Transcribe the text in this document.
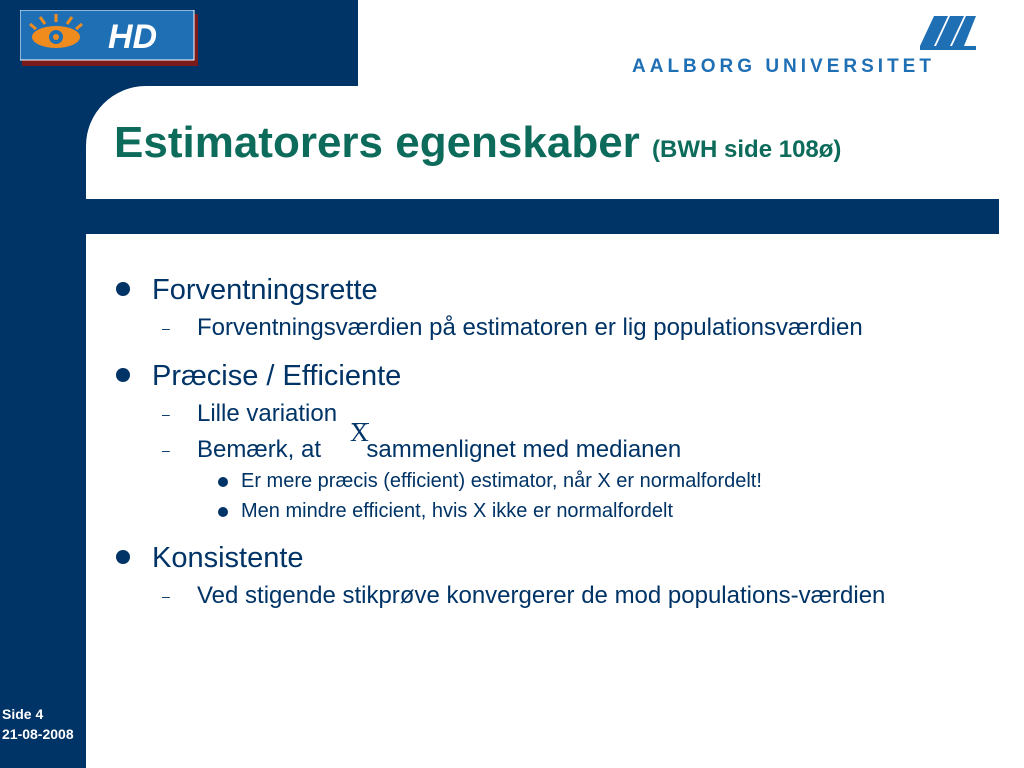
HD
AALBORG UNIVERSITET
Estimatorers egenskaber (BWH side 108ø)
Forventningsrette
– Forventningsværdien på estimatoren er lig populationsværdien
Præcise / Efficiente
– Lille variation
– Bemærk, at sammenlignet med medianen
Er mere præcis (efficient) estimator, når X er normalfordelt!
Men mindre efficient, hvis X ikke er normalfordelt
Konsistente
– Ved stigende stikprøve konvergerer de mod populations-værdien
X
Side 4
21-08-2008
